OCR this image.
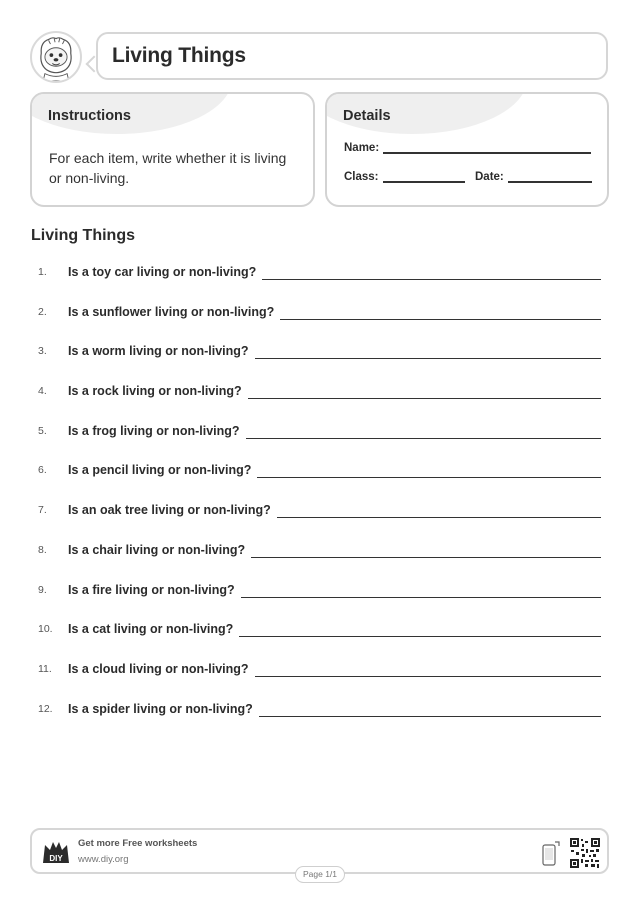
Living Things
Instructions
For each item, write whether it is living or non-living.
Details
Name:
Class:	Date:
Living Things
1.	Is a toy car living or non-living?
2.	Is a sunflower living or non-living?
3.	Is a worm living or non-living?
4.	Is a rock living or non-living?
5.	Is a frog living or non-living?
6.	Is a pencil living or non-living?
7.	Is an oak tree living or non-living?
8.	Is a chair living or non-living?
9.	Is a fire living or non-living?
10.	Is a cat living or non-living?
11.	Is a cloud living or non-living?
12.	Is a spider living or non-living?
DIY
Get more Free worksheets
www.diy.org
Page 1/1
